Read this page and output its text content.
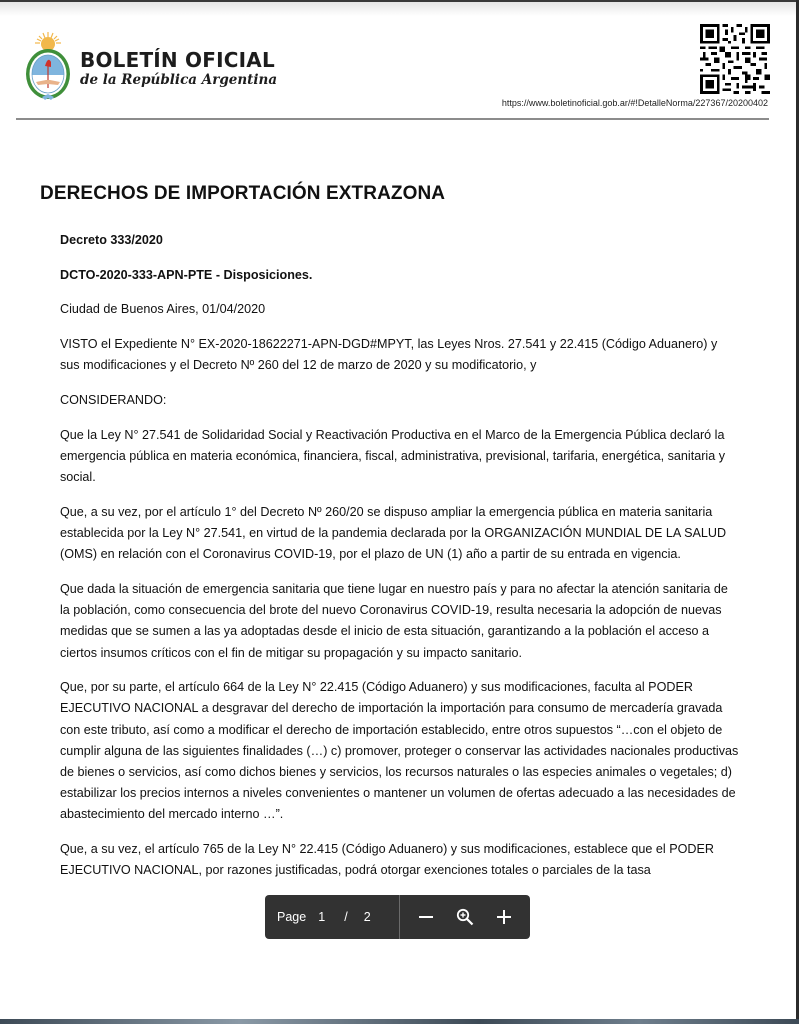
BOLETÍN OFICIAL
de la República Argentina
https://www.boletinoficial.gob.ar/#!DetalleNorma/227367/20200402
DERECHOS DE IMPORTACIÓN EXTRAZONA

Decreto 333/2020

DCTO-2020-333-APN-PTE - Disposiciones.

Ciudad de Buenos Aires, 01/04/2020

VISTO el Expediente N° EX-2020-18622271-APN-DGD#MPYT, las Leyes Nros. 27.541 y 22.415 (Código Aduanero) y sus modificaciones y el Decreto Nº 260 del 12 de marzo de 2020 y su modificatorio, y

CONSIDERANDO:

Que la Ley N° 27.541 de Solidaridad Social y Reactivación Productiva en el Marco de la Emergencia Pública declaró la emergencia pública en materia económica, financiera, fiscal, administrativa, previsional, tarifaria, energética, sanitaria y social.

Que, a su vez, por el artículo 1° del Decreto Nº 260/20 se dispuso ampliar la emergencia pública en materia sanitaria establecida por la Ley N° 27.541, en virtud de la pandemia declarada por la ORGANIZACIÓN MUNDIAL DE LA SALUD (OMS) en relación con el Coronavirus COVID-19, por el plazo de UN (1) año a partir de su entrada en vigencia.

Que dada la situación de emergencia sanitaria que tiene lugar en nuestro país y para no afectar la atención sanitaria de la población, como consecuencia del brote del nuevo Coronavirus COVID-19, resulta necesaria la adopción de nuevas medidas que se sumen a las ya adoptadas desde el inicio de esta situación, garantizando a la población el acceso a ciertos insumos críticos con el fin de mitigar su propagación y su impacto sanitario.

Que, por su parte, el artículo 664 de la Ley N° 22.415 (Código Aduanero) y sus modificaciones, faculta al PODER EJECUTIVO NACIONAL a desgravar del derecho de importación la importación para consumo de mercadería gravada con este tributo, así como a modificar el derecho de importación establecido, entre otros supuestos “…con el objeto de cumplir alguna de las siguientes finalidades (…) c) promover, proteger o conservar las actividades nacionales productivas de bienes o servicios, así como dichos bienes y servicios, los recursos naturales o las especies animales o vegetales; d) estabilizar los precios internos a niveles convenientes o mantener un volumen de ofertas adecuado a las necesidades de abastecimiento del mercado interno …”.

Que, a su vez, el artículo 765 de la Ley N° 22.415 (Código Aduanero) y sus modificaciones, establece que el PODER EJECUTIVO NACIONAL, por razones justificadas, podrá otorgar exenciones totales o parciales de la tasa

Page 1	/ 2
